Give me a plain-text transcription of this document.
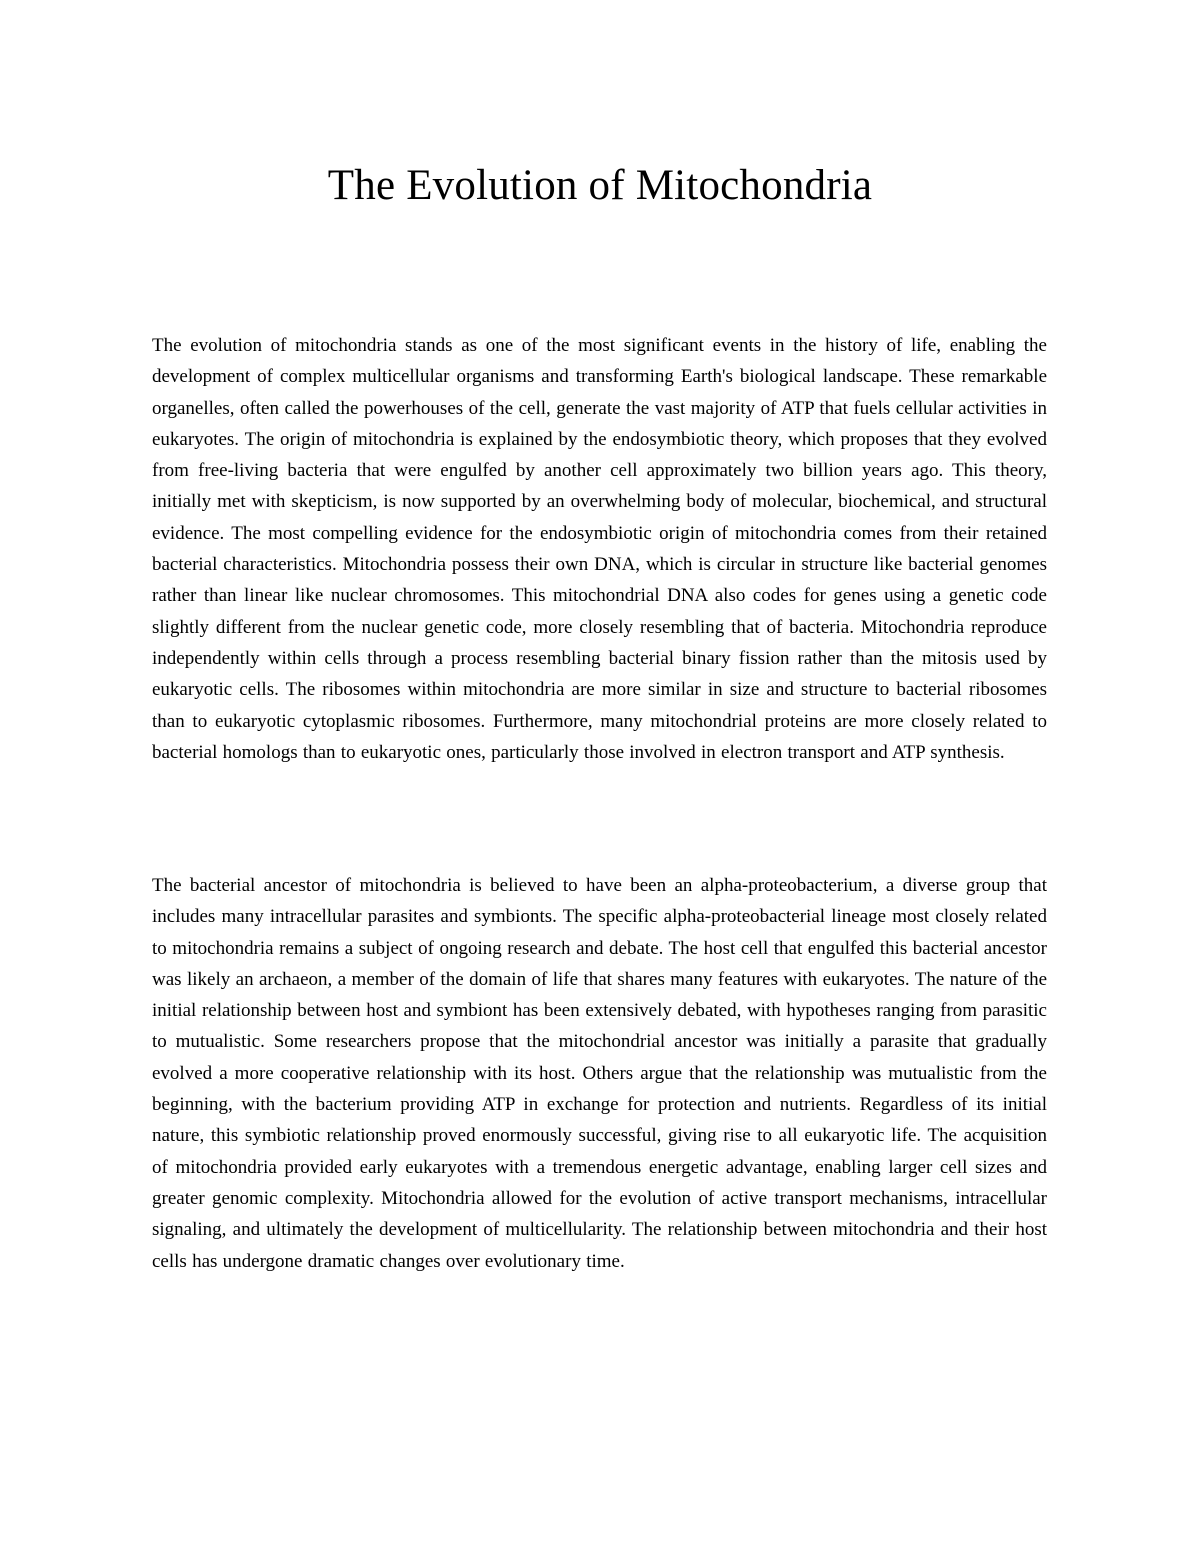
The Evolution of Mitochondria

The evolution of mitochondria stands as one of the most significant events in the history of life, enabling the development of complex multicellular organisms and transforming Earth's biological landscape. These remarkable organelles, often called the powerhouses of the cell, generate the vast majority of ATP that fuels cellular activities in eukaryotes. The origin of mitochondria is explained by the endosymbiotic theory, which proposes that they evolved from free-living bacteria that were engulfed by another cell approximately two billion years ago. This theory, initially met with skepticism, is now supported by an overwhelming body of molecular, biochemical, and structural evidence. The most compelling evidence for the endosymbiotic origin of mitochondria comes from their retained bacterial characteristics. Mitochondria possess their own DNA, which is circular in structure like bacterial genomes rather than linear like nuclear chromosomes. This mitochondrial DNA also codes for genes using a genetic code slightly different from the nuclear genetic code, more closely resembling that of bacteria. Mitochondria reproduce independently within cells through a process resembling bacterial binary fission rather than the mitosis used by eukaryotic cells. The ribosomes within mitochondria are more similar in size and structure to bacterial ribosomes than to eukaryotic cytoplasmic ribosomes. Furthermore, many mitochondrial proteins are more closely related to bacterial homologs than to eukaryotic ones, particularly those involved in electron transport and ATP synthesis.

The bacterial ancestor of mitochondria is believed to have been an alpha-proteobacterium, a diverse group that includes many intracellular parasites and symbionts. The specific alpha-proteobacterial lineage most closely related to mitochondria remains a subject of ongoing research and debate. The host cell that engulfed this bacterial ancestor was likely an archaeon, a member of the domain of life that shares many features with eukaryotes. The nature of the initial relationship between host and symbiont has been extensively debated, with hypotheses ranging from parasitic to mutualistic. Some researchers propose that the mitochondrial ancestor was initially a parasite that gradually evolved a more cooperative relationship with its host. Others argue that the relationship was mutualistic from the beginning, with the bacterium providing ATP in exchange for protection and nutrients. Regardless of its initial nature, this symbiotic relationship proved enormously successful, giving rise to all eukaryotic life. The acquisition of mitochondria provided early eukaryotes with a tremendous energetic advantage, enabling larger cell sizes and greater genomic complexity. Mitochondria allowed for the evolution of active transport mechanisms, intracellular signaling, and ultimately the development of multicellularity. The relationship between mitochondria and their host cells has undergone dramatic changes over evolutionary time.
